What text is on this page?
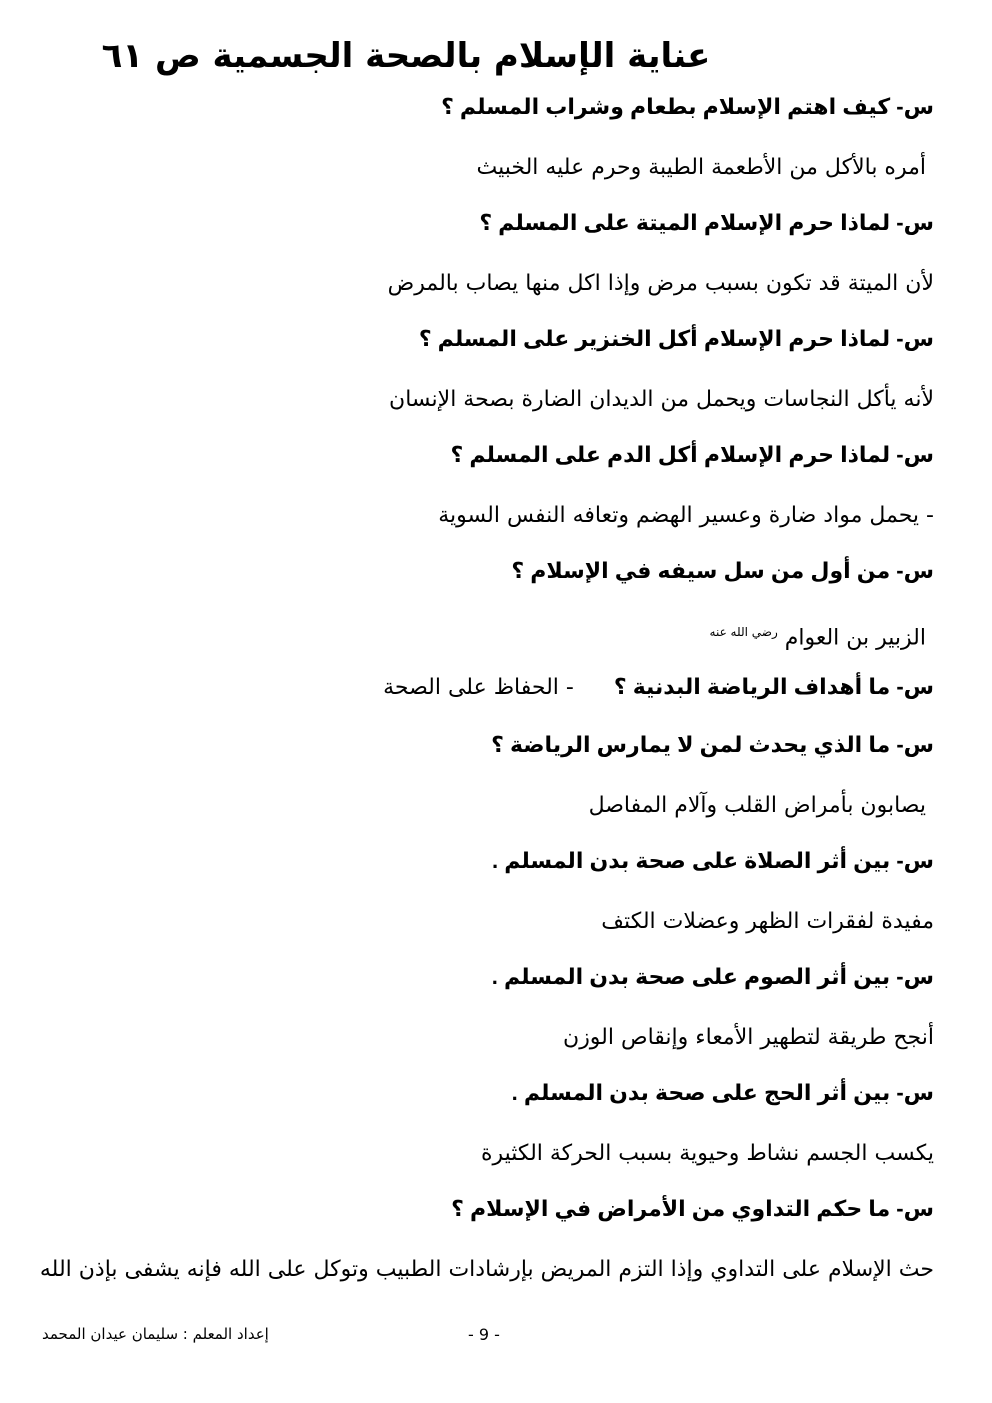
عناية الإسلام بالصحة الجسمية ص ٦١
س- كيف اهتم الإسلام بطعام وشراب المسلم ؟
أمره بالأكل من الأطعمة الطيبة وحرم عليه الخبيث
س- لماذا حرم الإسلام الميتة على المسلم ؟
لأن الميتة قد تكون بسبب مرض وإذا اكل منها يصاب بالمرض
س- لماذا حرم الإسلام أكل الخنزير على المسلم ؟
لأنه يأكل النجاسات ويحمل من الديدان الضارة بصحة الإنسان
س- لماذا حرم الإسلام أكل الدم على المسلم ؟
- يحمل مواد ضارة وعسير الهضم وتعافه النفس السوية
س- من أول من سل سيفه في الإسلام ؟
الزبير بن العوام $^{رضي الله عنه}$
س- ما أهداف الرياضة البدنية ؟- الحفاظ على الصحة
س- ما الذي يحدث لمن لا يمارس الرياضة ؟
يصابون بأمراض القلب وآلام المفاصل
س- بين أثر الصلاة على صحة بدن المسلم .
مفيدة لفقرات الظهر وعضلات الكتف
س- بين أثر الصوم على صحة بدن المسلم .
أنجح طريقة لتطهير الأمعاء وإنقاص الوزن
س- بين أثر الحج على صحة بدن المسلم .
يكسب الجسم نشاط وحيوية بسبب الحركة الكثيرة
س- ما حكم التداوي من الأمراض في الإسلام ؟
حث الإسلام على التداوي وإذا التزم المريض بإرشادات الطبيب وتوكل على الله فإنه يشفى بإذن الله
إعداد المعلم : سليمان عيدان المحمد	- 9 -
